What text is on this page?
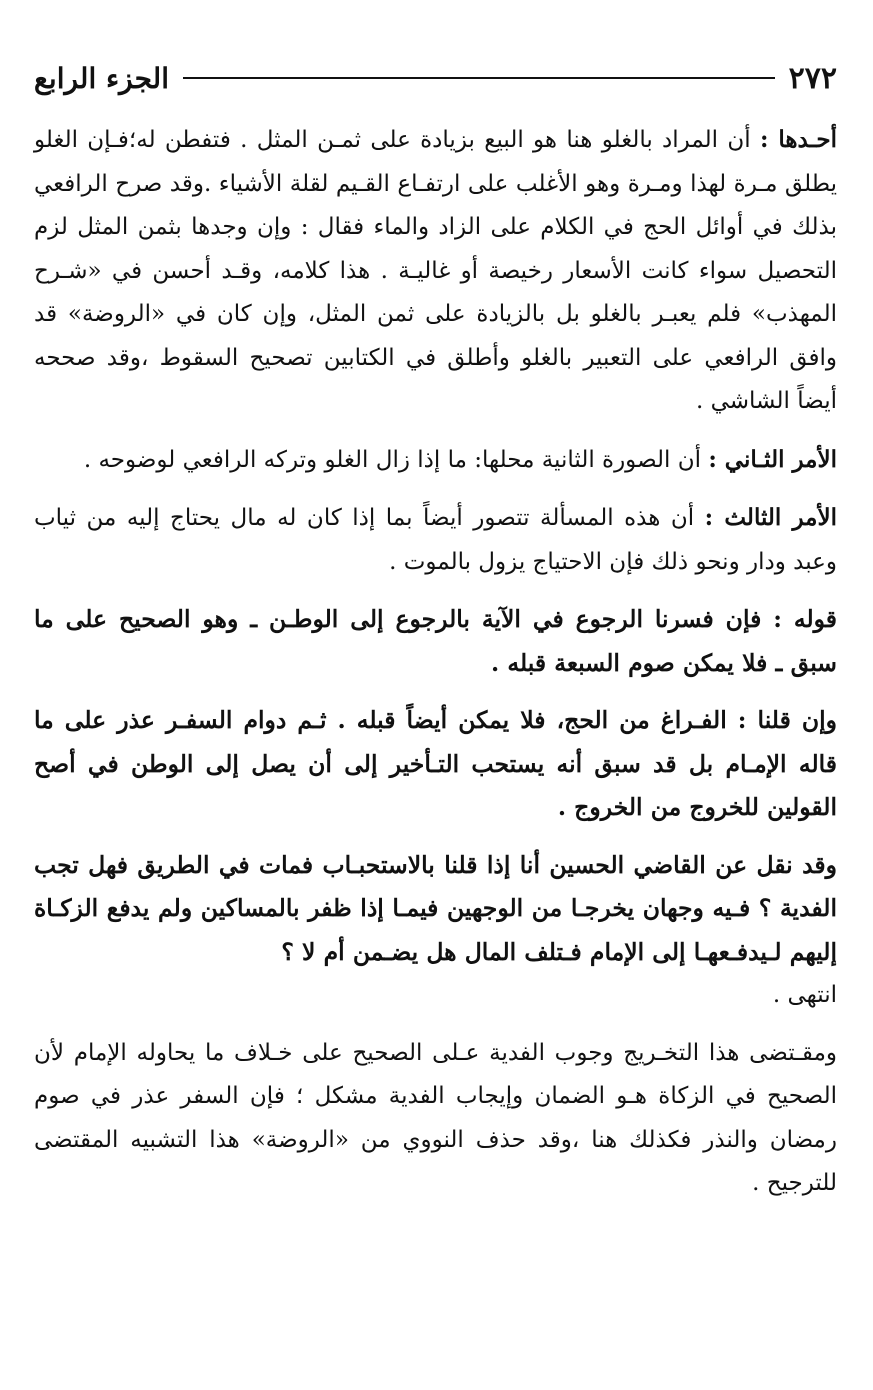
٢٧٢
الجزء الرابع

أحـدها : أن المراد بالغلو هنا هو البيع بزيادة على ثمـن المثل . فتفطن له؛فـإن الغلو يطلق مـرة لهذا ومـرة وهو الأغلب على ارتفـاع القـيم لقلة الأشياء .وقد صرح الرافعي بذلك في أوائل الحج في الكلام على الزاد والماء فقال : وإن وجدها بثمن المثل لزم التحصيل سواء كانت الأسعار رخيصة أو غاليـة . هذا كلامه، وقـد أحسن في «شـرح المهذب» فلم يعبـر بالغلو بل بالزيادة على ثمن المثل، وإن كان في «الروضة» قد وافق الرافعي على التعبير بالغلو وأطلق في الكتابين تصحيح السقوط ،وقد صححه أيضاً الشاشي .

الأمر الثـاني : أن الصورة الثانية محلها: ما إذا زال الغلو وتركه الرافعي لوضوحه .

الأمر الثالث : أن هذه المسألة تتصور أيضاً بما إذا كان له مال يحتاج إليه من ثياب وعبد ودار ونحو ذلك فإن الاحتياج يزول بالموت .

قوله : فإن فسرنا الرجوع في الآية بالرجوع إلى الوطـن ـ وهو الصحيح على ما سبق ـ فلا يمكن صوم السبعة قبله .

وإن قلنا : الفـراغ من الحج، فلا يمكن أيضاً قبله . ثـم دوام السفـر عذر على ما قاله الإمـام بل قد سبق أنه يستحب التـأخير إلى أن يصل إلى الوطن في أصح القولين للخروج من الخروج .

وقد نقل عن القاضي الحسين أنا إذا قلنا بالاستحبـاب فمات في الطريق فهل تجب الفدية ؟ فـيه وجهان يخرجـا من الوجهين فيمـا إذا ظفر بالمساكين ولم يدفع الزكـاة إليهم لـيدفـعهـا إلى الإمام فـتلف المال هل يضـمن أم لا ؟

انتهى .

ومقـتضى هذا التخـريج وجوب الفدية عـلى الصحيح على خـلاف ما يحاوله الإمام لأن الصحيح في الزكاة هـو الضمان وإيجاب الفدية مشكل ؛ فإن السفر عذر في صوم رمضان والنذر فكذلك هنا ،وقد حذف النووي من «الروضة» هذا التشبيه المقتضى للترجيح .
